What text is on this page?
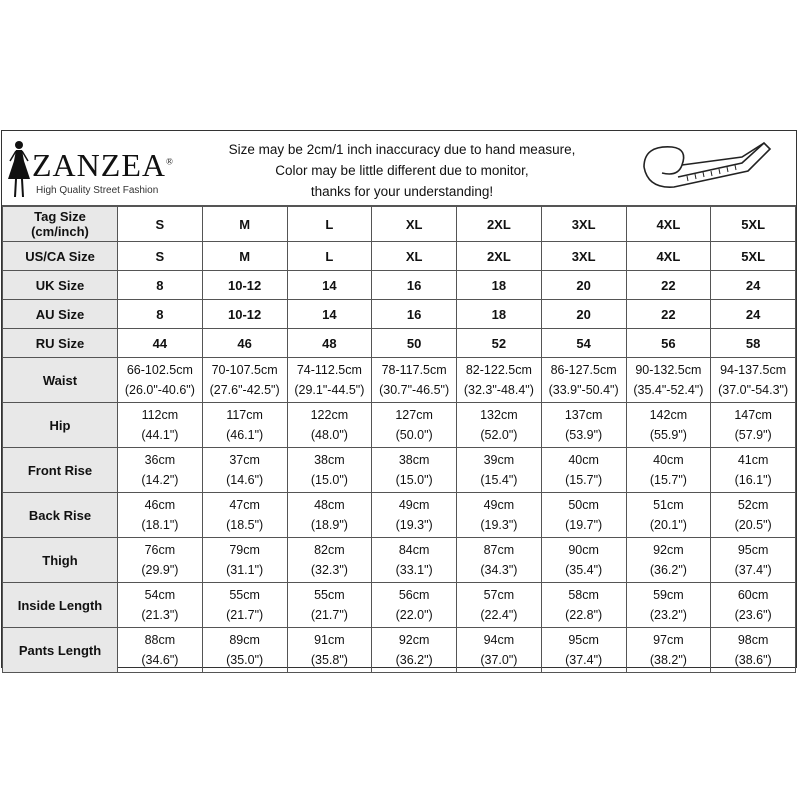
ZANZEA®
High Quality Street Fashion
Size may be 2cm/1 inch inaccuracy due to hand measure,
Color may be little different due to monitor,
thanks for your understanding!
Tag Size
(cm/inch)	S	M	L	XL	2XL	3XL	4XL	5XL
US/CA Size	S	M	L	XL	2XL	3XL	4XL	5XL
UK Size	8	10-12	14	16	18	20	22	24
AU Size	8	10-12	14	16	18	20	22	24
RU Size	44	46	48	50	52	54	56	58
Waist	66-102.5cm
(26.0"-40.6")	70-107.5cm
(27.6"-42.5")	74-112.5cm
(29.1"-44.5")	78-117.5cm
(30.7"-46.5")	82-122.5cm
(32.3"-48.4")	86-127.5cm
(33.9"-50.4")	90-132.5cm
(35.4"-52.4")	94-137.5cm
(37.0"-54.3")

Hip	112cm
(44.1")	117cm
(46.1")	122cm
(48.0")	127cm
(50.0")	132cm
(52.0")	137cm
(53.9")	142cm
(55.9")	147cm
(57.9")

Front Rise	36cm
(14.2")	37cm
(14.6")	38cm
(15.0")	38cm
(15.0")	39cm
(15.4")	40cm
(15.7")	40cm
(15.7")	41cm
(16.1")

Back Rise	46cm
(18.1")	47cm
(18.5")	48cm
(18.9")	49cm
(19.3")	49cm
(19.3")	50cm
(19.7")	51cm
(20.1")	52cm
(20.5")

Thigh	76cm
(29.9")	79cm
(31.1")	82cm
(32.3")	84cm
(33.1")	87cm
(34.3")	90cm
(35.4")	92cm
(36.2")	95cm
(37.4")

Inside Length	54cm
(21.3")	55cm
(21.7")	55cm
(21.7")	56cm
(22.0")	57cm
(22.4")	58cm
(22.8")	59cm
(23.2")	60cm
(23.6")

Pants Length	88cm
(34.6")	89cm
(35.0")	91cm
(35.8")	92cm
(36.2")	94cm
(37.0")	95cm
(37.4")	97cm
(38.2")	98cm
(38.6")
